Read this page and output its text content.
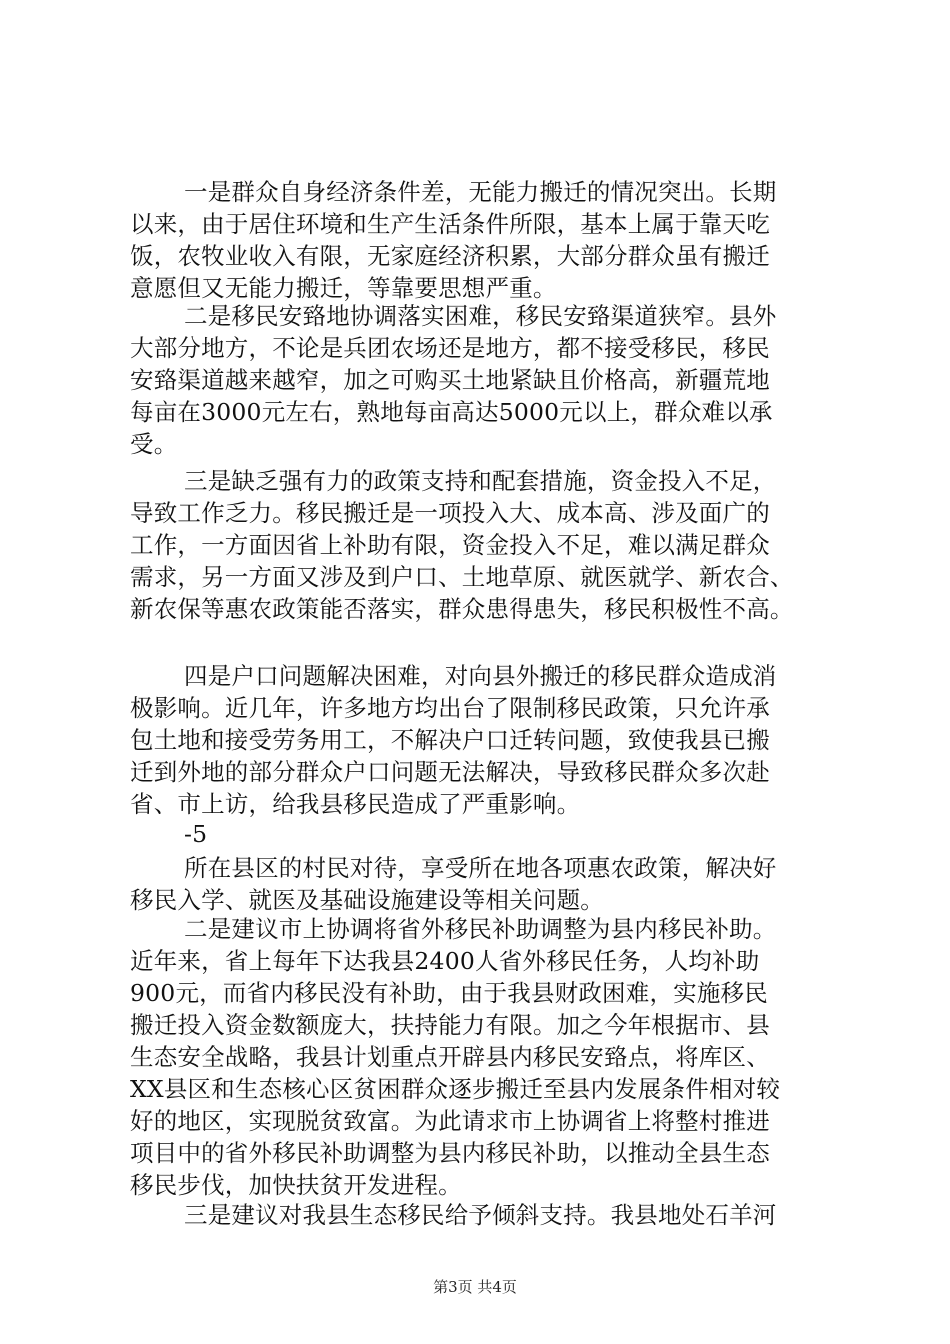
一是群众自身经济条件差，无能力搬迁的情况突出。长期
以来，由于居住环境和生产生活条件所限，基本上属于靠天吃
饭，农牧业收入有限，无家庭经济积累，大部分群众虽有搬迁
意愿但又无能力搬迁，等靠要思想严重。
二是移民安臵地协调落实困难，移民安臵渠道狭窄。县外
大部分地方，不论是兵团农场还是地方，都不接受移民，移民
安臵渠道越来越窄，加之可购买土地紧缺且价格高，新疆荒地
每亩在3000元左右，熟地每亩高达5000元以上，群众难以承
受。
三是缺乏强有力的政策支持和配套措施，资金投入不足，
导致工作乏力。移民搬迁是一项投入大、成本高、涉及面广的
工作，一方面因省上补助有限，资金投入不足，难以满足群众
需求，另一方面又涉及到户口、土地草原、就医就学、新农合、
新农保等惠农政策能否落实，群众患得患失，移民积极性不高。
四是户口问题解决困难，对向县外搬迁的移民群众造成消
极影响。近几年，许多地方均出台了限制移民政策，只允许承
包土地和接受劳务用工，不解决户口迁转问题，致使我县已搬
迁到外地的部分群众户口问题无法解决，导致移民群众多次赴
省、市上访，给我县移民造成了严重影响。
-5
所在县区的村民对待，享受所在地各项惠农政策，解决好
移民入学、就医及基础设施建设等相关问题。
二是建议市上协调将省外移民补助调整为县内移民补助。
近年来，省上每年下达我县2400人省外移民任务，人均补助
900元，而省内移民没有补助，由于我县财政困难，实施移民
搬迁投入资金数额庞大，扶持能力有限。加之今年根据市、县
生态安全战略，我县计划重点开辟县内移民安臵点，将库区、
XX县区和生态核心区贫困群众逐步搬迁至县内发展条件相对较
好的地区，实现脱贫致富。为此请求市上协调省上将整村推进
项目中的省外移民补助调整为县内移民补助，以推动全县生态
移民步伐，加快扶贫开发进程。
三是建议对我县生态移民给予倾斜支持。我县地处石羊河
第3页 共4页
